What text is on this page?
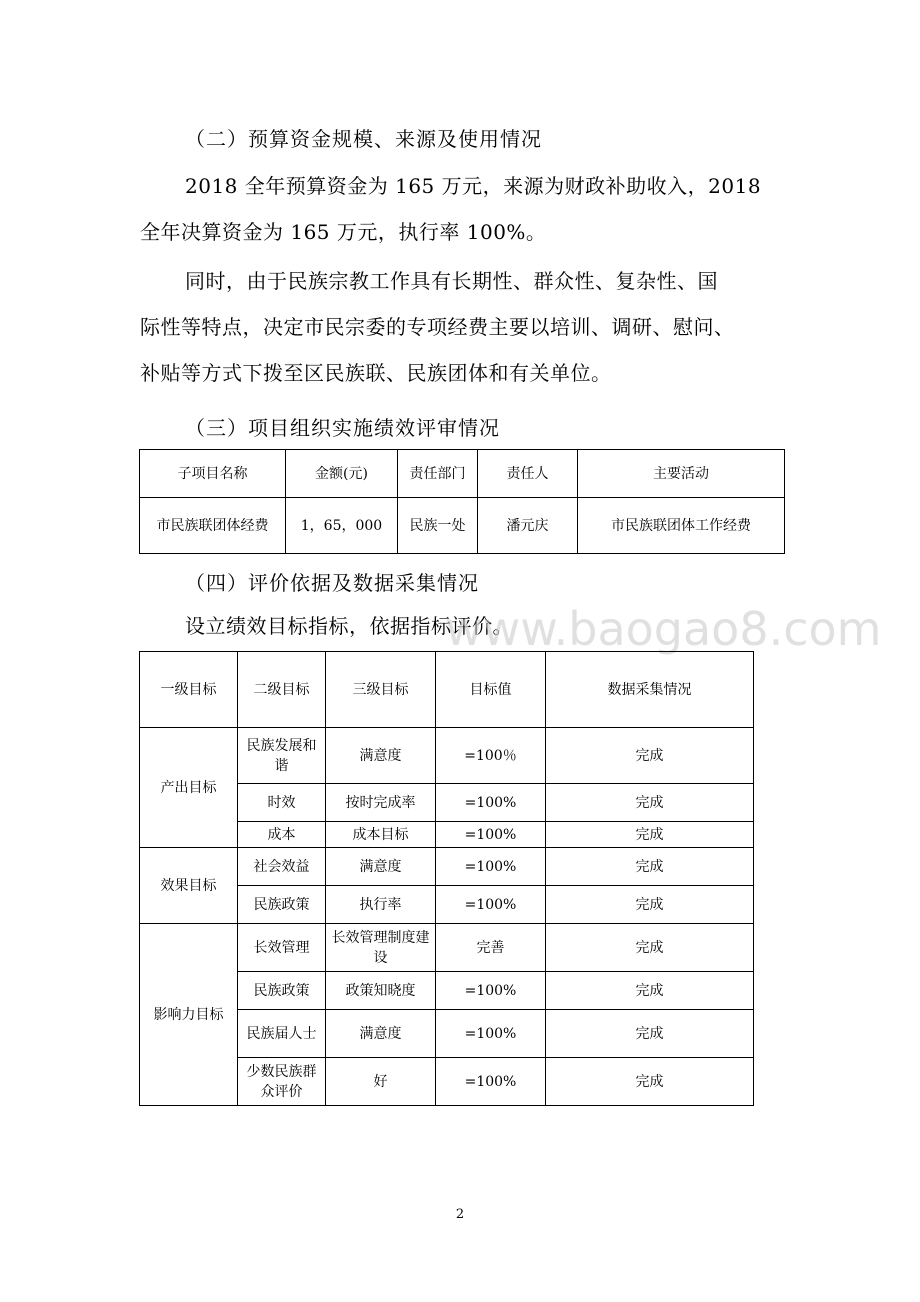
（二）预算资金规模、来源及使用情况
2018 全年预算资金为 165 万元，来源为财政补助收入，2018
全年决算资金为 165 万元，执行率 100%。
同时，由于民族宗教工作具有长期性、群众性、复杂性、国
际性等特点，决定市民宗委的专项经费主要以培训、调研、慰问、
补贴等方式下拨至区民族联、民族团体和有关单位。
（三）项目组织实施绩效评审情况
子项目名称	金额(元)	责任部门	责任人	主要活动
市民族联团体经费	1，65，000	民族一处	潘元庆	市民族联团体工作经费
（四）评价依据及数据采集情况
设立绩效目标指标，依据指标评价。
www.baogao8.com
一级目标	二级目标	三级目标	目标值	数据采集情况
产出目标	民族发展和谐	满意度	=100％	完成
	时效	按时完成率	=100%	完成
	成本	成本目标	=100%	完成
效果目标	社会效益	满意度	=100%	完成
	民族政策	执行率	=100%	完成
影响力目标	长效管理	长效管理制度建设	完善	完成
	民族政策	政策知晓度	=100%	完成
	民族届人士	满意度	=100%	完成
	少数民族群众评价	好	=100%	完成
2
